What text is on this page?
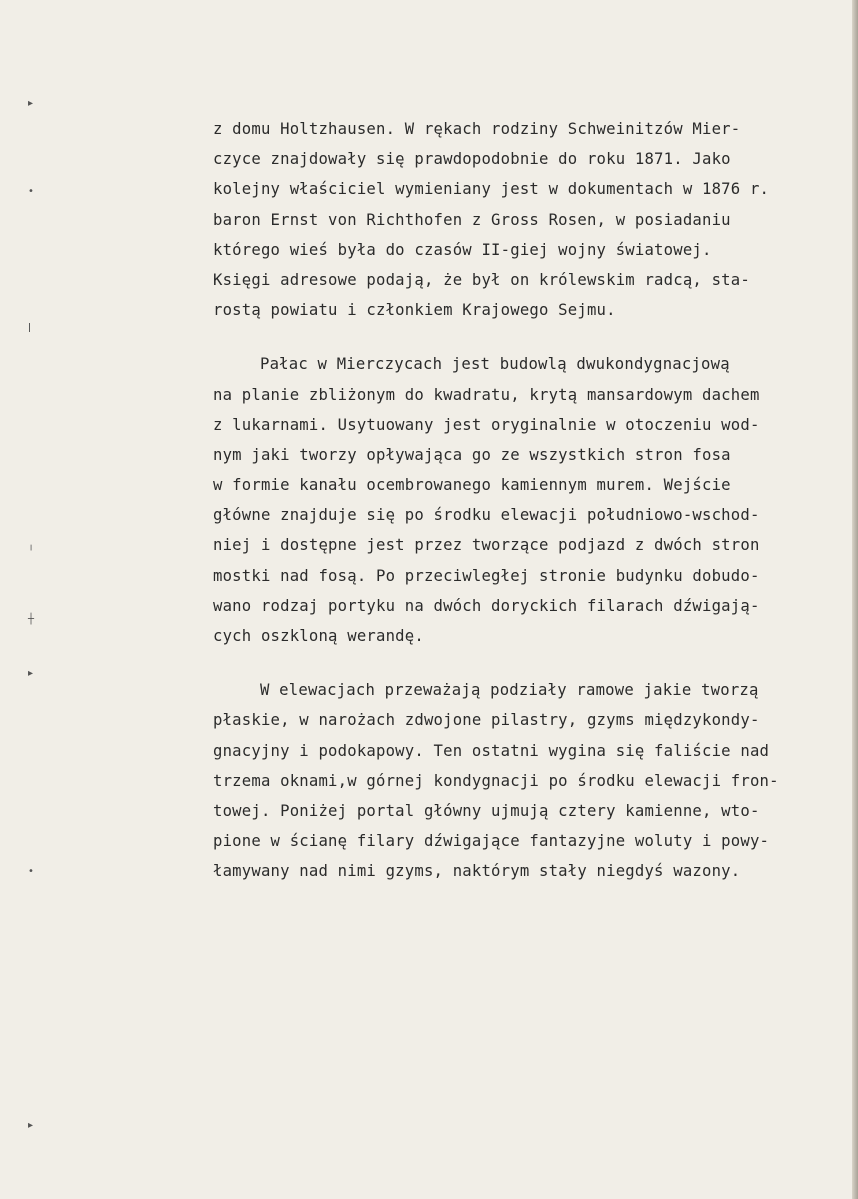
▸
•
ǀ
╷
┼
▸
•
▸
z domu Holtzhausen. W rękach rodziny Schweinitzów Mier-
czyce znajdowały się prawdopodobnie do roku 1871. Jako
kolejny właściciel wymieniany jest w dokumentach w 1876 r.
baron Ernst von Richthofen z Gross Rosen, w posiadaniu
którego wieś była do czasów II-giej wojny światowej.
Księgi adresowe podają, że był on królewskim radcą, sta-
rostą powiatu i członkiem Krajowego Sejmu.
Pałac w Mierczycach jest budowlą dwukondygnacjową
na planie zbliżonym do kwadratu, krytą mansardowym dachem
z lukarnami. Usytuowany jest oryginalnie w otoczeniu wod-
nym jaki tworzy opływająca go ze wszystkich stron fosa
w formie kanału ocembrowanego kamiennym murem. Wejście
główne znajduje się po środku elewacji południowo-wschod-
niej i dostępne jest przez tworzące podjazd z dwóch stron
mostki nad fosą. Po przeciwległej stronie budynku dobudo-
wano rodzaj portyku na dwóch doryckich filarach dźwigają-
cych oszkloną werandę.
W elewacjach przeważają podziały ramowe jakie tworzą
płaskie, w narożach zdwojone pilastry, gzyms międzykondy-
gnacyjny i podokapowy. Ten ostatni wygina się faliście nad
trzema oknami,w górnej kondygnacji po środku elewacji fron-
towej. Poniżej portal główny ujmują cztery kamienne, wto-
pione w ścianę filary dźwigające fantazyjne woluty i powy-
łamywany nad nimi gzyms, naktórym stały niegdyś wazony.
